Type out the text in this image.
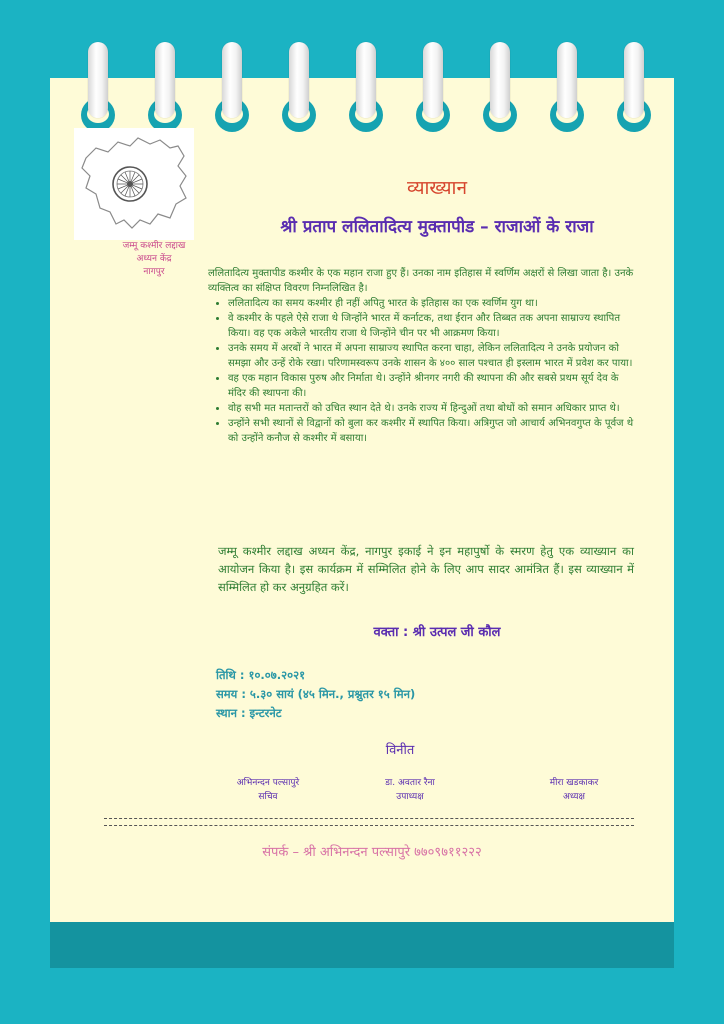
जम्मू कश्मीर लद्दाख
अध्यन केंद्र
नागपुर
व्याख्यान
श्री प्रताप ललितादित्य मुक्तापीड – राजाओं के राजा
ललितादित्य मुक्तापीड कश्मीर के एक महान राजा हुए हैं। उनका नाम इतिहास में स्वर्णिम अक्षरों से लिखा जाता है। उनके व्यक्तित्व का संक्षिप्त विवरण निम्नलिखित है।
• ललितादित्य का समय कश्मीर ही नहीं अपितु भारत के इतिहास का एक स्वर्णिम युग था।
• वे कश्मीर के पहले ऐसे राजा थे जिन्होंने भारत में कर्नाटक, तथा ईरान और तिब्बत तक अपना साम्राज्य स्थापित किया। वह एक अकेले भारतीय राजा थे जिन्होंने चीन पर भी आक्रमण किया।
• उनके समय में अरबों ने भारत में अपना साम्राज्य स्थापित करना चाहा, लेकिन ललितादित्य ने उनके प्रयोजन को समझा और उन्हें रोके रखा। परिणामस्वरूप उनके शासन के ४०० साल पश्चात ही इस्लाम भारत में प्रवेश कर पाया।
• वह एक महान विकास पुरुष और निर्माता थे। उन्होंने श्रीनगर नगरी की स्थापना की और सबसे प्रथम सूर्य देव के मंदिर की स्थापना की।
• वोह सभी मत मतान्तरों को उचित स्थान देते थे। उनके राज्य में हिन्दुओं तथा बोधों को समान अधिकार प्राप्त थे।
• उन्होंने सभी स्थानों से विद्वानों को बुला कर कश्मीर में स्थापित किया। अत्रिगुप्त जो आचार्य अभिनवगुप्त के पूर्वज थे को उन्होंने कनौज से कश्मीर में बसाया।
जम्मू कश्मीर लद्दाख अध्यन केंद्र, नागपुर इकाई ने इन महापुर्षो के स्मरण हेतु एक व्याख्यान का आयोजन किया है। इस कार्यक्रम में सम्मिलित होने के लिए आप सादर आमंत्रित हैं। इस व्याख्यान में सम्मिलित हो कर अनुग्रहित करें।
वक्ता : श्री उत्पल जी कौल
तिथि : १०.०७.२०२१
समय : ५.३० सायं (४५ मिन., प्रश्नुतर १५ मिन)
स्थान : इन्टरनेट
विनीत
अभिनन्दन पल्सापुरे
सचिव
डा. अवतार रैना
उपाध्यक्ष
मीरा खडकाकर
अध्यक्ष
संपर्क – श्री अभिनन्दन पल्सापुरे ७७०९७११२२२
